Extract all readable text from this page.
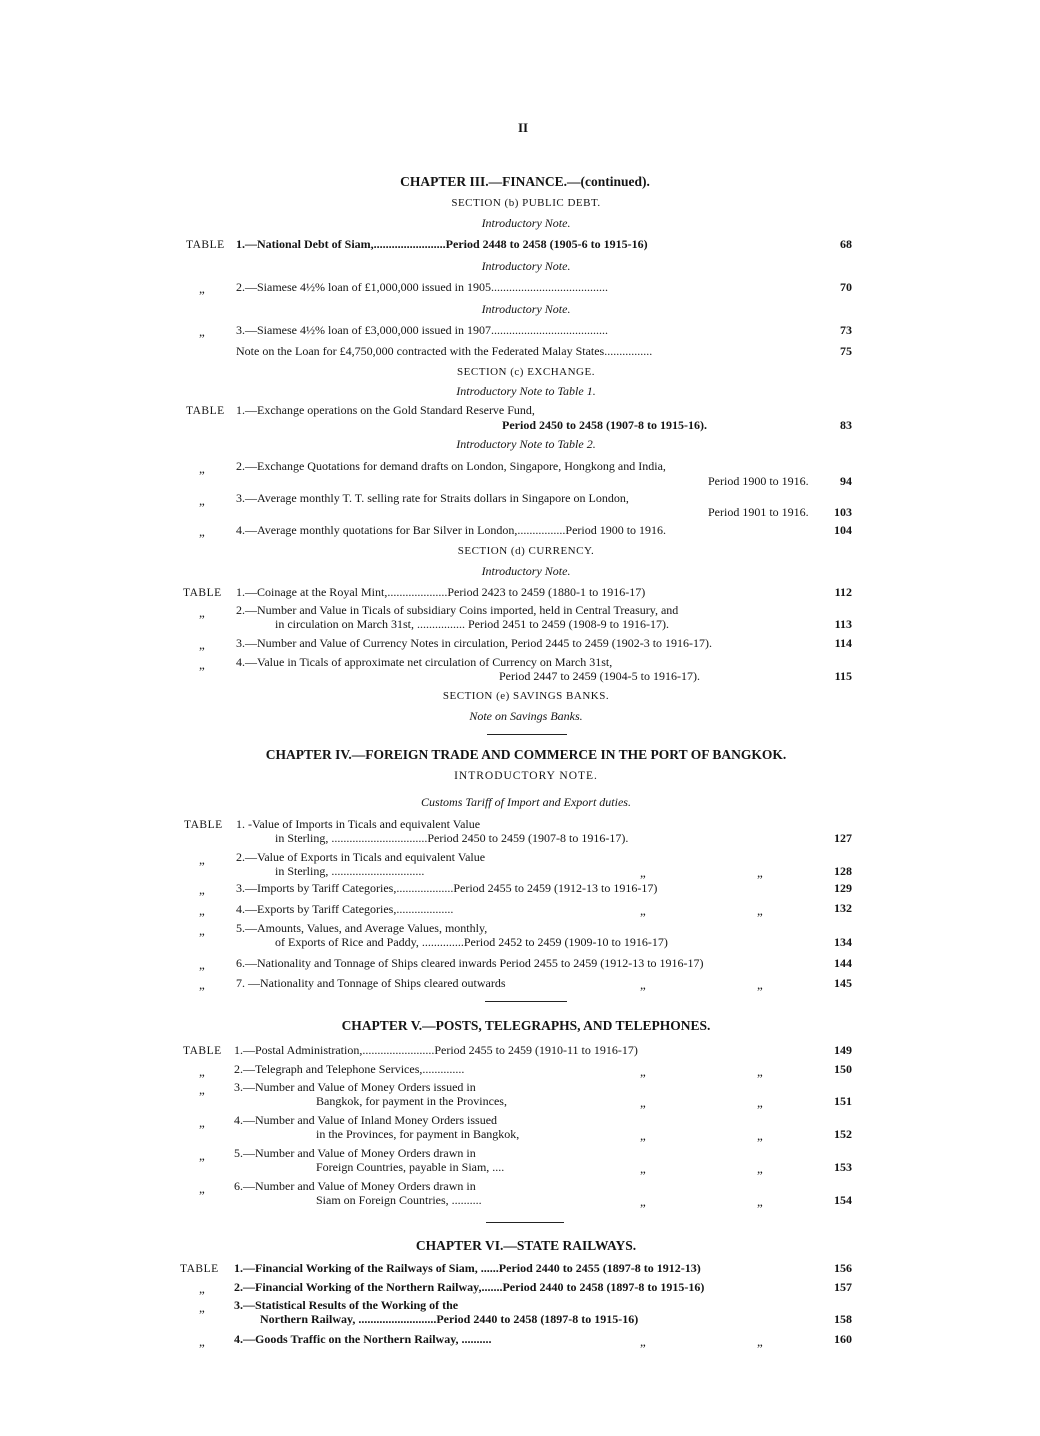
II
CHAPTER III.—FINANCE.—(continued).
SECTION (b) PUBLIC DEBT.
Introductory Note.
TABLE 1.—National Debt of Siam,........................Period 2448 to 2458 (1905-6 to 1915-16)	68
Introductory Note.
„	2.—Siamese 4½% loan of £1,000,000 issued in 1905.......................................	70
Introductory Note.
„	3.—Siamese 4½% loan of £3,000,000 issued in 1907.......................................	73
Note on the Loan for £4,750,000 contracted with the Federated Malay States................	75
SECTION (c) EXCHANGE.
Introductory Note to Table 1.
TABLE 1.—Exchange operations on the Gold Standard Reserve Fund,
Period 2450 to 2458 (1907-8 to 1915-16).	83
Introductory Note to Table 2.
„	2.—Exchange Quotations for demand drafts on London, Singapore, Hongkong and India,
Period 1900 to 1916.	94
„	3.—Average monthly T. T. selling rate for Straits dollars in Singapore on London,
Period 1901 to 1916.	103
„	4.—Average monthly quotations for Bar Silver in London,................Period 1900 to 1916.	104
SECTION (d) CURRENCY.
Introductory Note.
TABLE 1.—Coinage at the Royal Mint,....................Period 2423 to 2459 (1880-1 to 1916-17)	112
„	2.—Number and Value in Ticals of subsidiary Coins imported, held in Central Treasury, and
in circulation on March 31st, ................ Period 2451 to 2459 (1908-9 to 1916-17).	113
„	3.—Number and Value of Currency Notes in circulation, Period 2445 to 2459 (1902-3 to 1916-17).	114
„	4.—Value in Ticals of approximate net circulation of Currency on March 31st,
Period 2447 to 2459 (1904-5 to 1916-17).	115
SECTION (e) SAVINGS BANKS.
Note on Savings Banks.
CHAPTER IV.—FOREIGN TRADE AND COMMERCE IN THE PORT OF BANGKOK.
INTRODUCTORY NOTE.
Customs Tariff of Import and Export duties.
TABLE 1. -Value of Imports in Ticals and equivalent Value
in Sterling, ................................Period 2450 to 2459 (1907-8 to 1916-17).	127
„	2.—Value of Exports in Ticals and equivalent Value
in Sterling, ...............................	„	„	128
„	3.—Imports by Tariff Categories,...................Period 2455 to 2459 (1912-13 to 1916-17)	129
„	4.—Exports by Tariff Categories,...................	„	„	132
„	5.—Amounts, Values, and Average Values, monthly,
of Exports of Rice and Paddy, ..............Period 2452 to 2459 (1909-10 to 1916-17)	134
„	6.—Nationality and Tonnage of Ships cleared inwards Period 2455 to 2459 (1912-13 to 1916-17)	144
„	7. —Nationality and Tonnage of Ships cleared outwards	„	„	145
CHAPTER V.—POSTS, TELEGRAPHS, AND TELEPHONES.
TABLE 1.—Postal Administration,........................Period 2455 to 2459 (1910-11 to 1916-17)	149
„ 2.—Telegraph and Telephone Services,..............	„	„	150
„ 3.—Number and Value of Money Orders issued in
Bangkok, for payment in the Provinces,	„	„	151
„ 4.—Number and Value of Inland Money Orders issued
in the Provinces, for payment in Bangkok,	„	„	152
„ 5.—Number and Value of Money Orders drawn in
Foreign Countries, payable in Siam, ....	„	„	153
„ 6.—Number and Value of Money Orders drawn in
Siam on Foreign Countries, ..........	„	„	154
CHAPTER VI.—STATE RAILWAYS.
TABLE 1.—Financial Working of the Railways of Siam, ......Period 2440 to 2455 (1897-8 to 1912-13)	156
„ 2.—Financial Working of the Northern Railway,.......Period 2440 to 2458 (1897-8 to 1915-16)	157
„ 3.—Statistical Results of the Working of the
Northern Railway, ..........................Period 2440 to 2458 (1897-8 to 1915-16)	158
„ 4.—Goods Traffic on the Northern Railway, ..........	„	„	160
